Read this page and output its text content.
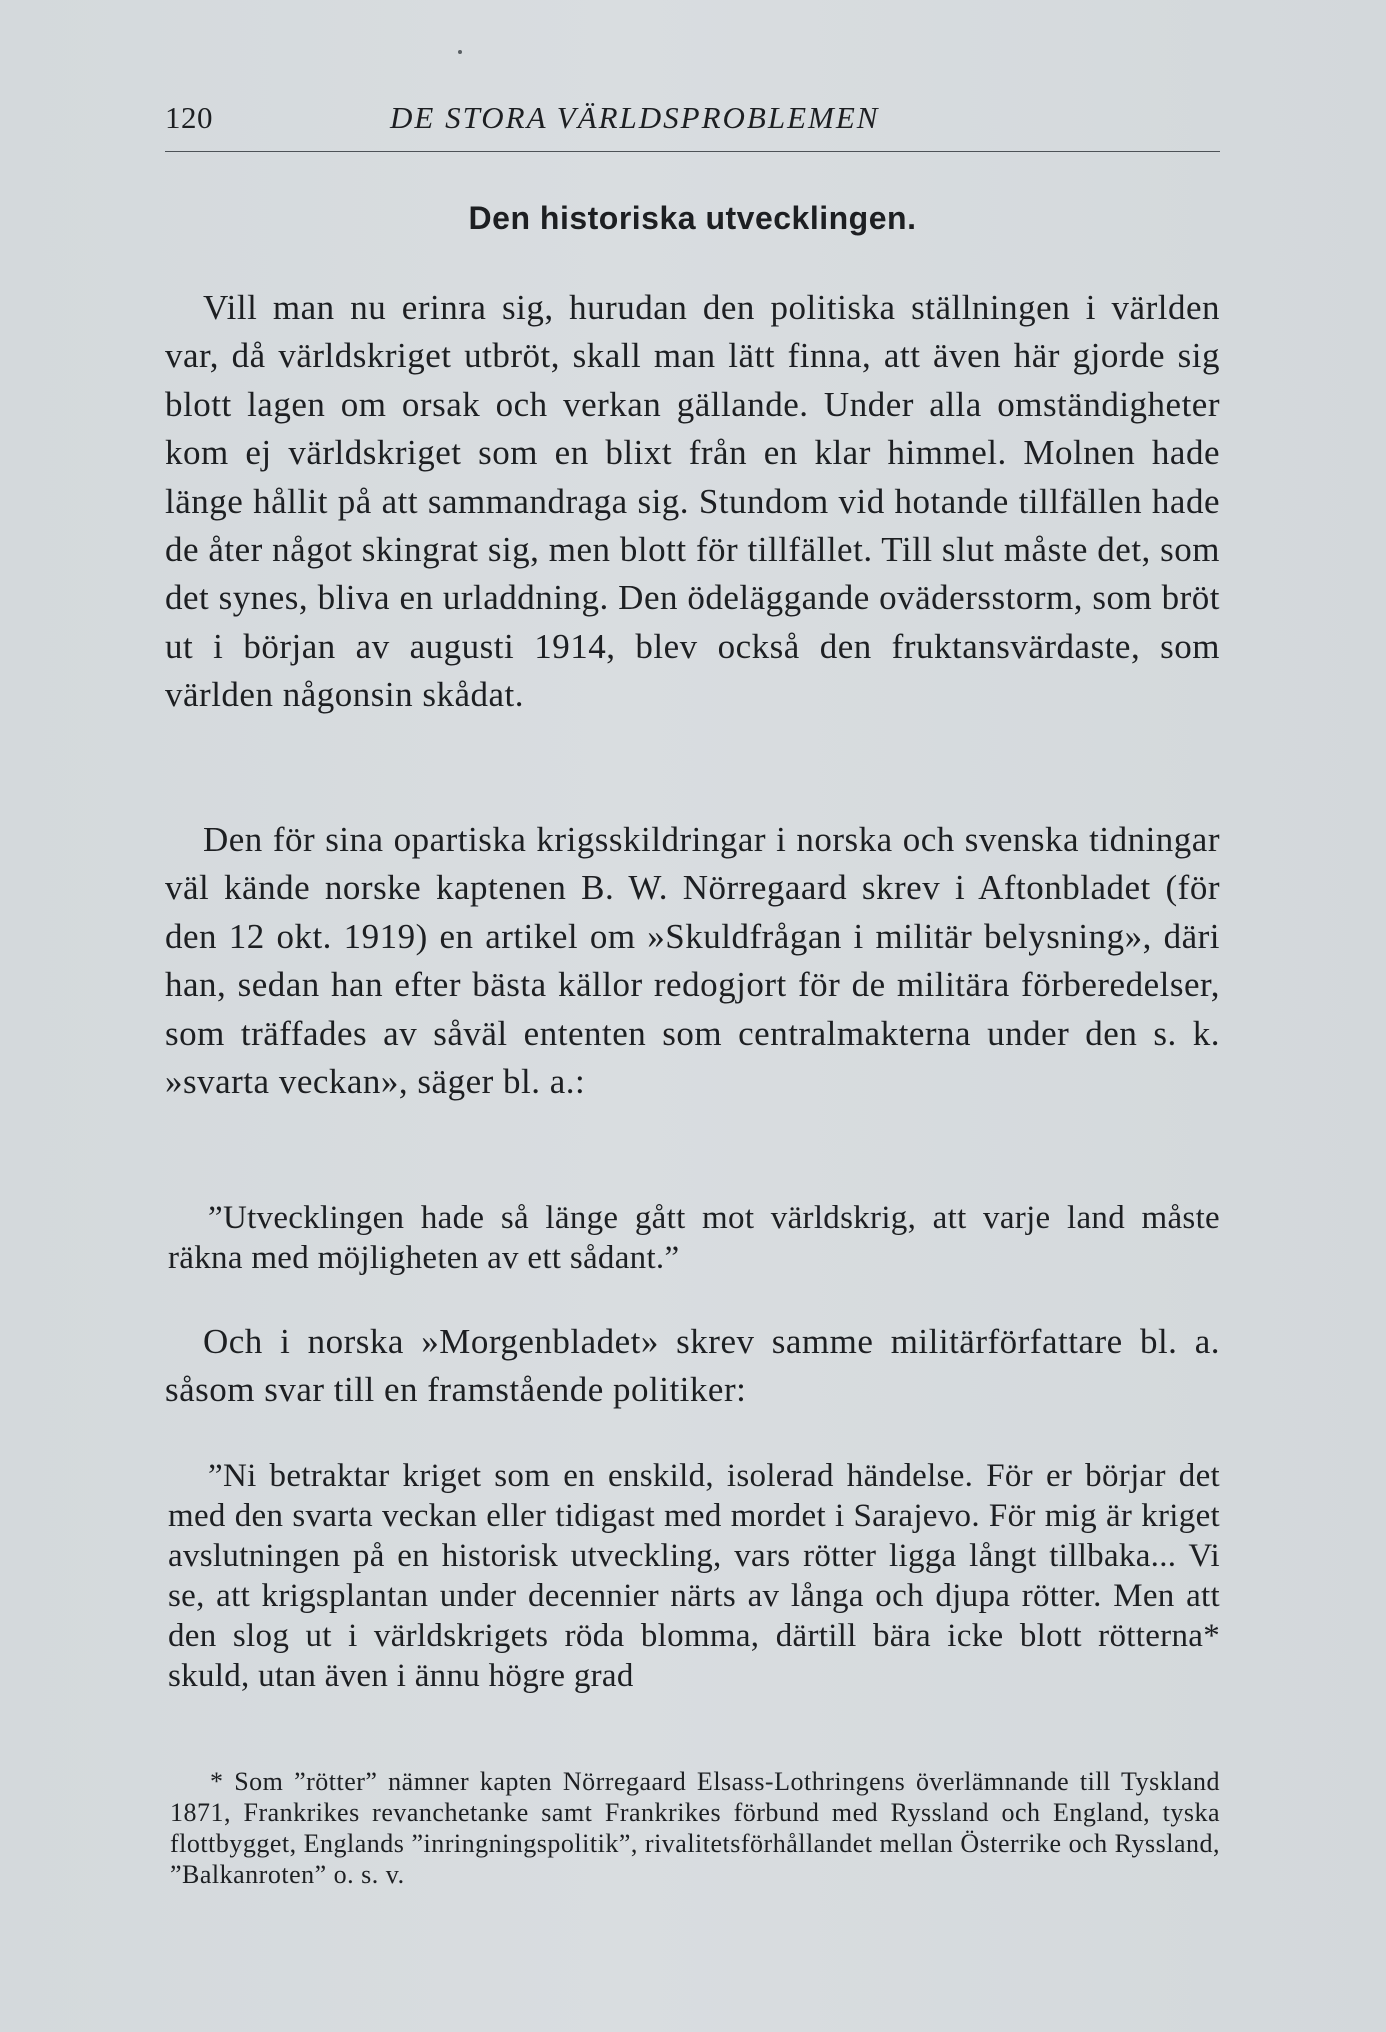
120	DE STORA VÄRLDSPROBLEMEN
Den historiska utvecklingen.

Vill man nu erinra sig, hurudan den politiska ställningen i världen var, då världskriget utbröt, skall man lätt finna, att även här gjorde sig blott lagen om orsak och verkan gällande. Under alla omständigheter kom ej världskriget som en blixt från en klar himmel. Molnen hade länge hållit på att sammandraga sig. Stundom vid hotande tillfällen hade de åter något skingrat sig, men blott för tillfället. Till slut måste det, som det synes, bliva en urladdning. Den ödeläggande ovädersstorm, som bröt ut i början av augusti 1914, blev också den fruktansvärdaste, som världen någonsin skådat.

Den för sina opartiska krigsskildringar i norska och svenska tidningar väl kände norske kaptenen B. W. Nörregaard skrev i Aftonbladet (för den 12 okt. 1919) en artikel om »Skuldfrågan i militär belysning», däri han, sedan han efter bästa källor redogjort för de militära förberedelser, som träffades av såväl ententen som centralmakterna under den s. k. »svarta veckan», säger bl. a.:

”Utvecklingen hade så länge gått mot världskrig, att varje land måste räkna med möjligheten av ett sådant.”

Och i norska »Morgenbladet» skrev samme militärförfattare bl. a. såsom svar till en framstående politiker:

”Ni betraktar kriget som en enskild, isolerad händelse. För er börjar det med den svarta veckan eller tidigast med mordet i Sarajevo. För mig är kriget avslutningen på en historisk utveckling, vars rötter ligga långt tillbaka... Vi se, att krigsplantan under decennier närts av långa och djupa rötter. Men att den slog ut i världskrigets röda blomma, därtill bära icke blott rötterna* skuld, utan även i ännu högre grad

* Som ”rötter” nämner kapten Nörregaard Elsass-Lothringens överlämnande till Tyskland 1871, Frankrikes revanchetanke samt Frankrikes förbund med Ryssland och England, tyska flottbygget, Englands ”inringningspolitik”, rivalitetsförhållandet mellan Österrike och Ryssland, ”Balkanroten” o. s. v.
